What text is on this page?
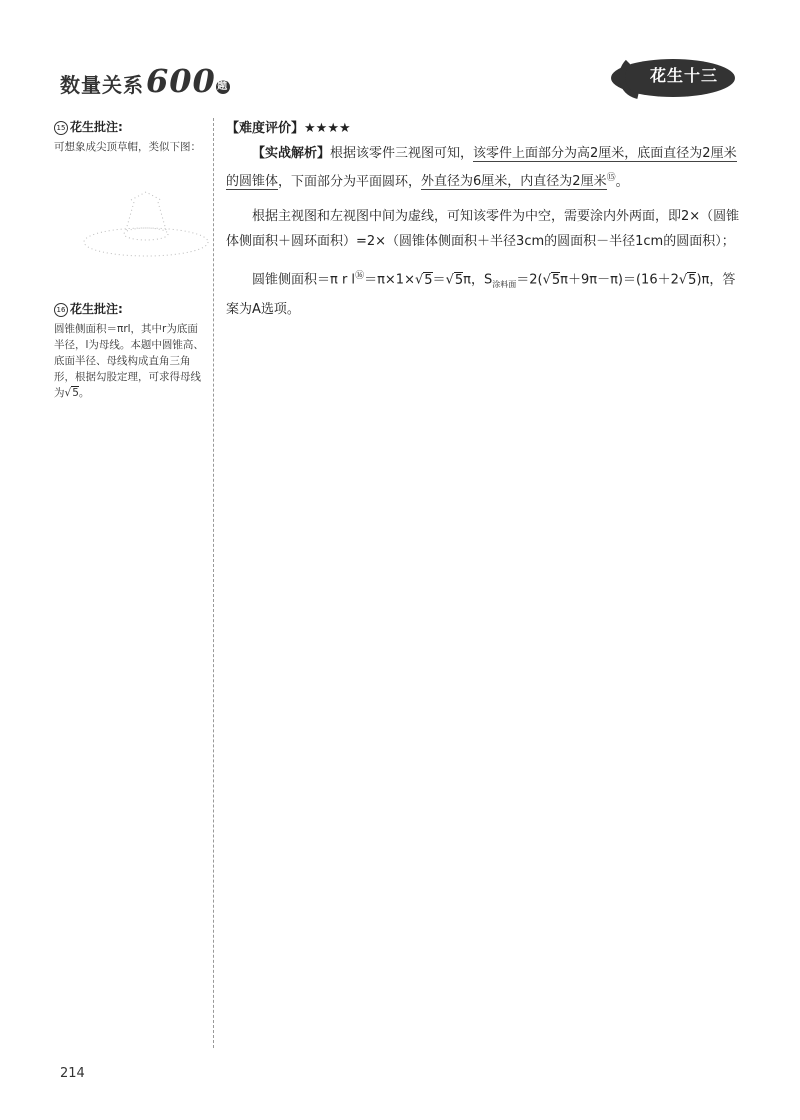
数量关系600 题
花生十三
15 花生批注:
可想象成尖顶草帽，类似下图：
16 花生批注:
圆锥侧面积＝πrl，其中r为底面半径，l为母线。本题中圆锥高、底面半径、母线构成直角三角形，根据勾股定理，可求得母线为√5。

【难度评价】★★★★

【实战解析】根据该零件三视图可知，该零件上面部分为高2厘米，底面直径为2厘米的圆锥体，下面部分为平面圆环，外直径为6厘米，内直径为2厘米⑮。

根据主视图和左视图中间为虚线，可知该零件为中空，需要涂内外两面，即2×（圆锥体侧面积＋圆环面积）=2×（圆锥体侧面积＋半径3cm的圆面积－半径1cm的圆面积）；

圆锥侧面积＝π r l⑯＝π×1×√5＝√5π，$S_{涂料面}=2(√5\pi+9\pi-\pi)=(16+2√5)\pi$，答案为A选项。

214
